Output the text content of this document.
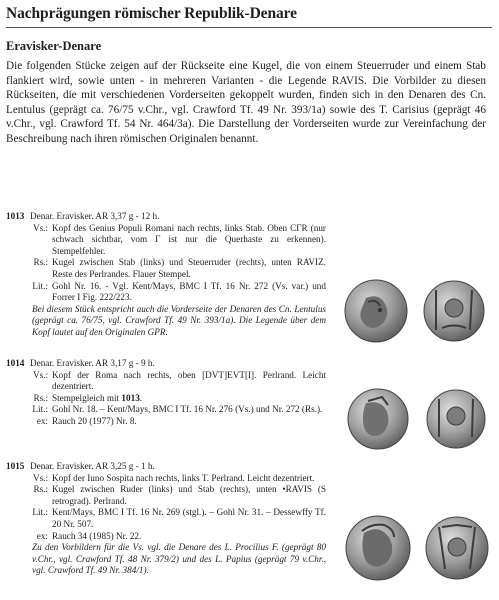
Nachprägungen römischer Republik-Denare
Eravisker-Denare
Die folgenden Stücke zeigen auf der Rückseite eine Kugel, die von einem Steuerruder und einem Stab flankiert wird, sowie unten - in mehreren Varianten - die Legende RAVIS. Die Vorbilder zu diesen Rückseiten, die mit verschiedenen Vorderseiten gekoppelt wurden, finden sich in den Denaren des Cn. Lentulus (geprägt ca. 76/75 v.Chr., vgl. Crawford Tf. 49 Nr. 393/1a) sowie des T. Carisius (geprägt 46 v.Chr., vgl. Crawford Tf. 54 Nr. 464/3a). Die Darstellung der Vorderseiten wurde zur Vereinfachung der Beschreibung nach ihren römischen Originalen benannt.
1013 Denar. Eravisker. AR 3,37 g - 12 h.
Vs.: Kopf des Genius Populi Romani nach rechts, links Stab. Oben CΓR (nur schwach sichtbar, vom Γ ist nur die Querhaste zu erkennen). Stempelfehler.
Rs.: Kugel zwischen Stab (links) und Steuerruder (rechts), unten RAVIZ. Reste des Perlrandes. Flauer Stempel.
Lit.: Gohl Nr. 16. - Vgl. Kent/Mays, BMC I Tf. 16 Nr. 272 (Vs. var.) und Forrer I Fig. 222/223.
Bei diesem Stück entspricht auch die Vorderseite der Denaren des Cn. Lentulus (geprägt ca. 76/75, vgl. Crawford Tf. 49 Nr. 393/1a). Die Legende über dem Kopf lautet auf den Originalen GPR.
1014 Denar. Eravisker. AR 3,17 g - 9 h.
Vs.: Kopf der Roma nach rechts, oben [DVT]EVT[I]. Perlrand. Leicht dezentriert.
Rs.: Stempelgleich mit 1013.
Lit.: Gohl Nr. 18. – Kent/Mays, BMC I Tf. 16 Nr. 276 (Vs.) und Nr. 272 (Rs.).
ex: Rauch 20 (1977) Nr. 8.
1015 Denar. Eravisker. AR 3,25 g - 1 h.
Vs.: Kopf der Iuno Sospita nach rechts, links T. Perlrand. Leicht dezentriert.
Rs.: Kugel zwischen Ruder (links) und Stab (rechts), unten •RAVIS (S retrograd). Perlrand.
Lit.: Kent/Mays, BMC I Tf. 16 Nr. 269 (stgl.). – Gohl Nr. 31. – Dessewffy Tf. 20 Nr. 507.
ex: Rauch 34 (1985) Nr. 22.
Zu den Vorbildern für die Vs. vgl. die Denare des L. Procilius F. (geprägt 80 v.Chr., vgl. Crawford Tf. 48 Nr. 379/2) und des L. Papius (geprägt 79 v.Chr., vgl. Crawford Tf. 49 Nr. 384/1).
